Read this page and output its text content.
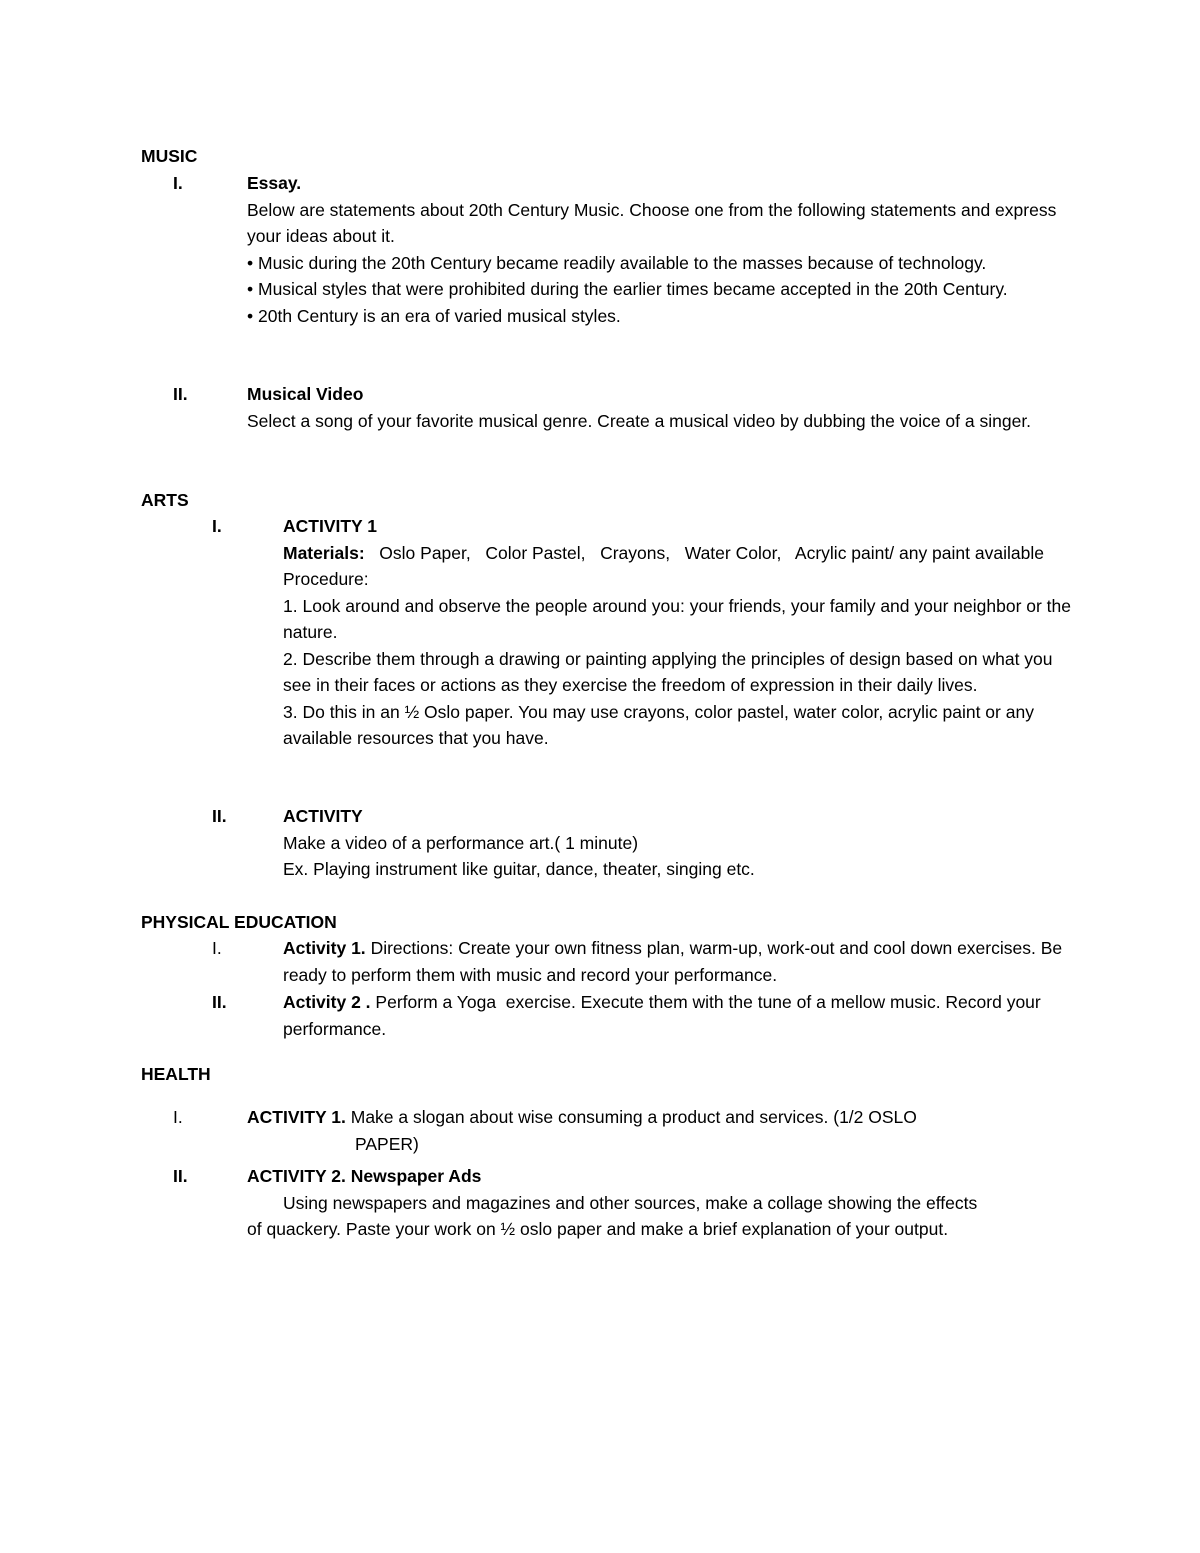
MUSIC
I.	Essay.
Below are statements about 20th Century Music. Choose one from the following statements and express your ideas about it.
• Music during the 20th Century became readily available to the masses because of technology.
• Musical styles that were prohibited during the earlier times became accepted in the 20th Century.
• 20th Century is an era of varied musical styles.
II.	Musical Video
Select a song of your favorite musical genre. Create a musical video by dubbing the voice of a singer.
ARTS
I.	ACTIVITY 1
Materials: Oslo Paper,   Color Pastel,   Crayons,   Water Color,   Acrylic paint/ any paint available
Procedure:
1. Look around and observe the people around you: your friends, your family and your neighbor or the nature.
2. Describe them through a drawing or painting applying the principles of design based on what you see in their faces or actions as they exercise the freedom of expression in their daily lives.
3. Do this in an ½ Oslo paper. You may use crayons, color pastel, water color, acrylic paint or any available resources that you have.
II.	ACTIVITY
Make a video of a performance art.( 1 minute)
Ex. Playing instrument like guitar, dance, theater, singing etc.
PHYSICAL EDUCATION
I.	Activity 1. Directions: Create your own fitness plan, warm-up, work-out and cool down exercises. Be ready to perform them with music and record your performance.
II.	Activity 2 . Perform a Yoga  exercise. Execute them with the tune of a mellow music. Record your performance.
HEALTH
I.	ACTIVITY 1. Make a slogan about wise consuming a product and services. (1/2 OSLO
PAPER)
II.	ACTIVITY 2. Newspaper Ads
Using newspapers and magazines and other sources, make a collage showing the effects
of quackery. Paste your work on ½ oslo paper and make a brief explanation of your output.
